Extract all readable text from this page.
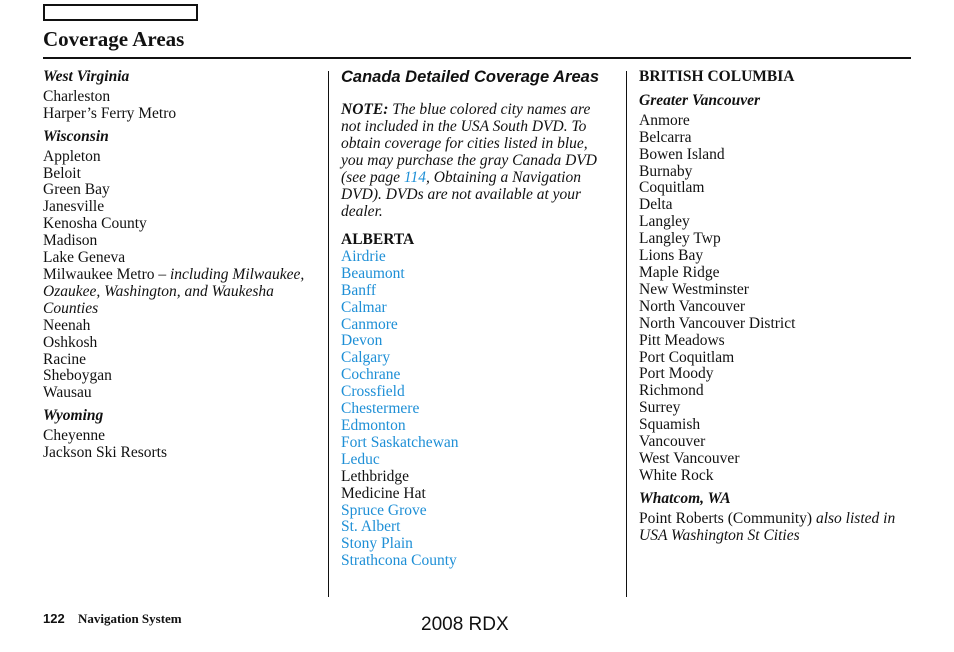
Coverage Areas
West Virginia
Charleston
Harper’s Ferry Metro
Wisconsin
Appleton
Beloit
Green Bay
Janesville
Kenosha County
Madison
Lake Geneva
Milwaukee Metro – including Milwaukee, Ozaukee, Washington, and Waukesha Counties
Neenah
Oshkosh
Racine
Sheboygan
Wausau
Wyoming
Cheyenne
Jackson Ski Resorts
Canada Detailed Coverage Areas
NOTE: The blue colored city names are not included in the USA South DVD. To obtain coverage for cities listed in blue, you may purchase the gray Canada DVD (see page 114, Obtaining a Navigation DVD). DVDs are not available at your dealer.
ALBERTA
Airdrie
Beaumont
Banff
Calmar
Canmore
Devon
Calgary
Cochrane
Crossfield
Chestermere
Edmonton
Fort Saskatchewan
Leduc
Lethbridge
Medicine Hat
Spruce Grove
St. Albert
Stony Plain
Strathcona County
BRITISH COLUMBIA
Greater Vancouver
Anmore
Belcarra
Bowen Island
Burnaby
Coquitlam
Delta
Langley
Langley Twp
Lions Bay
Maple Ridge
New Westminster
North Vancouver
North Vancouver District
Pitt Meadows
Port Coquitlam
Port Moody
Richmond
Surrey
Squamish
Vancouver
West Vancouver
White Rock
Whatcom, WA
Point Roberts (Community) also listed in USA Washington St Cities
122 Navigation System	2008 RDX
